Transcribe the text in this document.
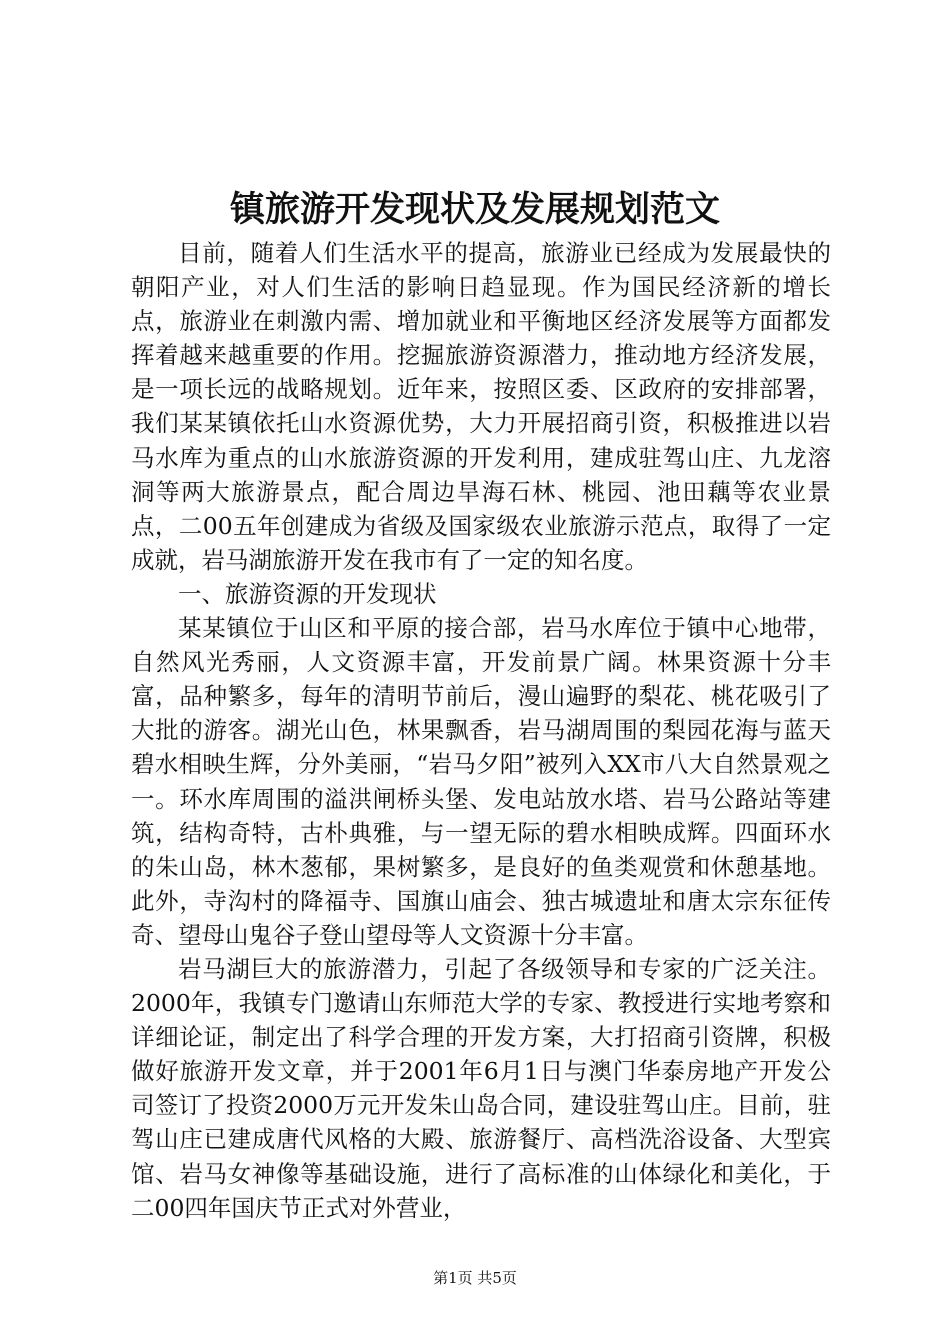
镇旅游开发现状及发展规划范文

目前，随着人们生活水平的提高，旅游业已经成为发展最快的朝阳产业，对人们生活的影响日趋显现。作为国民经济新的增长点，旅游业在刺激内需、增加就业和平衡地区经济发展等方面都发挥着越来越重要的作用。挖掘旅游资源潜力，推动地方经济发展，是一项长远的战略规划。近年来，按照区委、区政府的安排部署，我们某某镇依托山水资源优势，大力开展招商引资，积极推进以岩马水库为重点的山水旅游资源的开发利用，建成驻驾山庄、九龙溶洞等两大旅游景点，配合周边旱海石林、桃园、池田藕等农业景点，二00五年创建成为省级及国家级农业旅游示范点，取得了一定成就，岩马湖旅游开发在我市有了一定的知名度。

一、旅游资源的开发现状

某某镇位于山区和平原的接合部，岩马水库位于镇中心地带，自然风光秀丽，人文资源丰富，开发前景广阔。林果资源十分丰富，品种繁多，每年的清明节前后，漫山遍野的梨花、桃花吸引了大批的游客。湖光山色，林果飘香，岩马湖周围的梨园花海与蓝天碧水相映生辉，分外美丽，“岩马夕阳”被列入XX市八大自然景观之一。环水库周围的溢洪闸桥头堡、发电站放水塔、岩马公路站等建筑，结构奇特，古朴典雅，与一望无际的碧水相映成辉。四面环水的朱山岛，林木葱郁，果树繁多，是良好的鱼类观赏和休憩基地。此外，寺沟村的降福寺、国旗山庙会、独古城遗址和唐太宗东征传奇、望母山鬼谷子登山望母等人文资源十分丰富。

岩马湖巨大的旅游潜力，引起了各级领导和专家的广泛关注。2000年，我镇专门邀请山东师范大学的专家、教授进行实地考察和详细论证，制定出了科学合理的开发方案，大打招商引资牌，积极做好旅游开发文章，并于2001年6月1日与澳门华泰房地产开发公司签订了投资2000万元开发朱山岛合同，建设驻驾山庄。目前，驻驾山庄已建成唐代风格的大殿、旅游餐厅、高档洗浴设备、大型宾馆、岩马女神像等基础设施，进行了高标准的山体绿化和美化，于二00四年国庆节正式对外营业，

第1页 共5页
